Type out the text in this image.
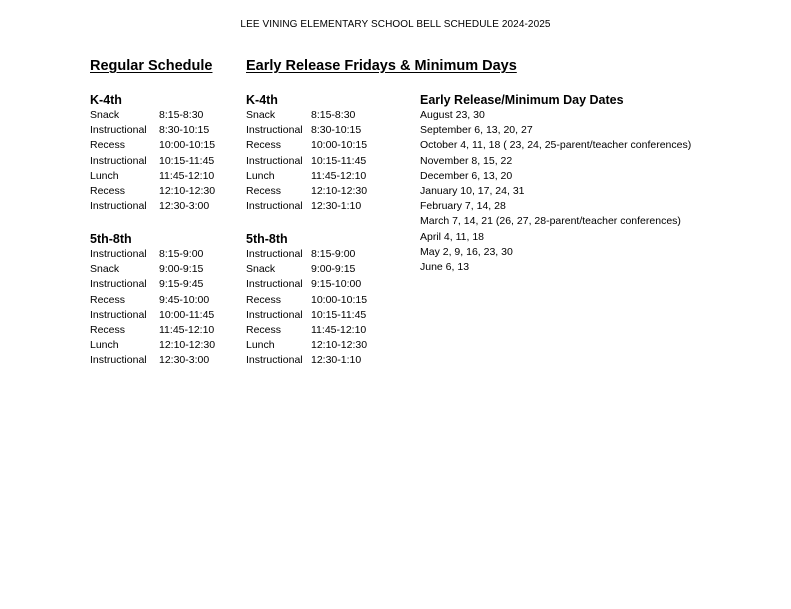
LEE VINING ELEMENTARY SCHOOL BELL SCHEDULE 2024-2025
Regular Schedule Early Release Fridays & Minimum Days
K-4th
Snack	8:15-8:30
Instructional	8:30-10:15
Recess	10:00-10:15
Instructional	10:15-11:45
Lunch	11:45-12:10
Recess	12:10-12:30
Instructional	12:30-3:00
5th-8th
Instructional	8:15-9:00
Snack	9:00-9:15
Instructional	9:15-9:45
Recess	9:45-10:00
Instructional	10:00-11:45
Recess	11:45-12:10
Lunch	12:10-12:30
Instructional	12:30-3:00
K-4th
Snack	8:15-8:30
Instructional	8:30-10:15
Recess	10:00-10:15
Instructional	10:15-11:45
Lunch	11:45-12:10
Recess	12:10-12:30
Instructional	12:30-1:10
5th-8th
Instructional	8:15-9:00
Snack	9:00-9:15
Instructional	9:15-10:00
Recess	10:00-10:15
Instructional	10:15-11:45
Recess	11:45-12:10
Lunch	12:10-12:30
Instructional	12:30-1:10
Early Release/Minimum Day Dates
August 23, 30
September 6, 13, 20, 27
October 4, 11, 18 ( 23, 24, 25-parent/teacher conferences)
November 8, 15, 22
December 6, 13, 20
January 10, 17, 24, 31
February 7, 14, 28
March 7, 14, 21 (26, 27, 28-parent/teacher conferences)
April 4, 11, 18
May 2, 9, 16, 23, 30
June 6, 13
